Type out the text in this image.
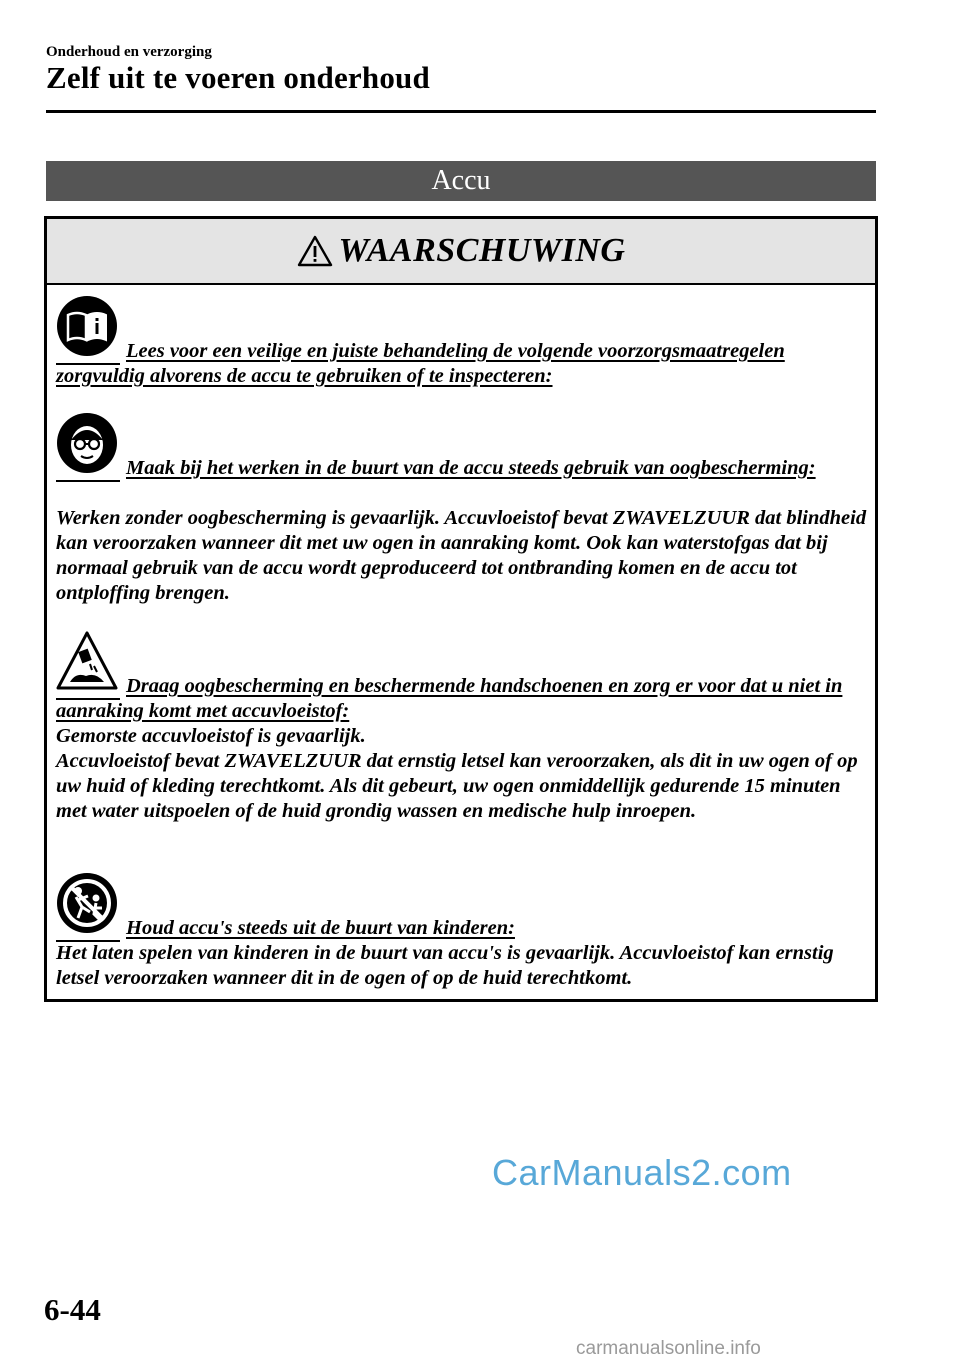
Onderhoud en verzorging
Zelf uit te voeren onderhoud
Accu
WAARSCHUWING

Lees voor een veilige en juiste behandeling de volgende voorzorgsmaatregelen zorgvuldig alvorens de accu te gebruiken of te inspecteren:

Maak bij het werken in de buurt van de accu steeds gebruik van oogbescherming:

Werken zonder oogbescherming is gevaarlijk. Accuvloeistof bevat ZWAVELZUUR dat blindheid kan veroorzaken wanneer dit met uw ogen in aanraking komt. Ook kan waterstofgas dat bij normaal gebruik van de accu wordt geproduceerd tot ontbranding komen en de accu tot ontploffing brengen.

Draag oogbescherming en beschermende handschoenen en zorg er voor dat u niet in aanraking komt met accuvloeistof:

Gemorste accuvloeistof is gevaarlijk.
Accuvloeistof bevat ZWAVELZUUR dat ernstig letsel kan veroorzaken, als dit in uw ogen of op uw huid of kleding terechtkomt. Als dit gebeurt, uw ogen onmiddellijk gedurende 15 minuten met water uitspoelen of de huid grondig wassen en medische hulp inroepen.

Houd accu's steeds uit de buurt van kinderen:

Het laten spelen van kinderen in de buurt van accu's is gevaarlijk. Accuvloeistof kan ernstig letsel veroorzaken wanneer dit in de ogen of op de huid terechtkomt.

CarManuals2.com
6-44
carmanualsonline.info
